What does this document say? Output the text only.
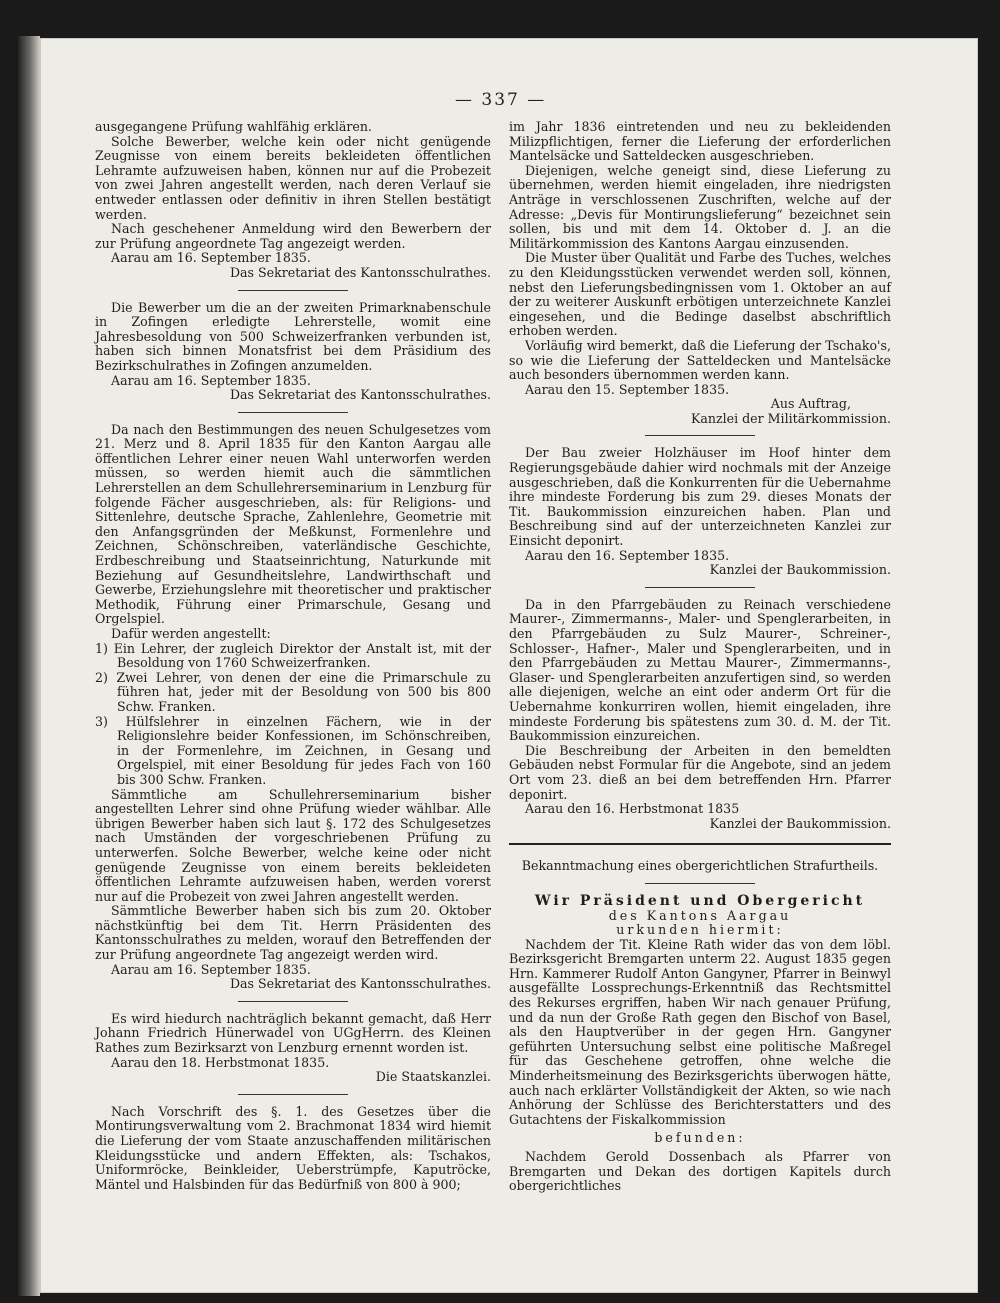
— 337 —

ausgegangene Prüfung wahlfähig erklären.

Solche Bewerber, welche kein oder nicht genügende Zeugnisse von einem bereits bekleideten öffentlichen Lehramte aufzuweisen haben, können nur auf die Probezeit von zwei Jahren angestellt werden, nach deren Verlauf sie entweder entlassen oder definitiv in ihren Stellen bestätigt werden.

Nach geschehener Anmeldung wird den Bewerbern der zur Prüfung angeordnete Tag angezeigt werden.

Aarau am 16. September 1835.

Das Sekretariat des Kantonsschulrathes.

Die Bewerber um die an der zweiten Primarknabenschule in Zofingen erledigte Lehrerstelle, womit eine Jahresbesoldung von 500 Schweizerfranken verbunden ist, haben sich binnen Monatsfrist bei dem Präsidium des Bezirkschulrathes in Zofingen anzumelden.

Aarau am 16. September 1835.

Das Sekretariat des Kantonsschulrathes.

Da nach den Bestimmungen des neuen Schulgesetzes vom 21. Merz und 8. April 1835 für den Kanton Aargau alle öffentlichen Lehrer einer neuen Wahl unterworfen werden müssen, so werden hiemit auch die sämmtlichen Lehrerstellen an dem Schullehrerseminarium in Lenzburg für folgende Fächer ausgeschrieben, als: für Religions- und Sittenlehre, deutsche Sprache, Zahlenlehre, Geometrie mit den Anfangsgründen der Meßkunst, Formenlehre und Zeichnen, Schönschreiben, vaterländische Geschichte, Erdbeschreibung und Staatseinrichtung, Naturkunde mit Beziehung auf Gesundheitslehre, Landwirthschaft und Gewerbe, Erziehungslehre mit theoretischer und praktischer Methodik, Führung einer Primarschule, Gesang und Orgelspiel.

Dafür werden angestellt:

1) Ein Lehrer, der zugleich Direktor der Anstalt ist, mit der Besoldung von 1760 Schweizerfranken.

2) Zwei Lehrer, von denen der eine die Primarschule zu führen hat, jeder mit der Besoldung von 500 bis 800 Schw. Franken.

3) Hülfslehrer in einzelnen Fächern, wie in der Religionslehre beider Konfessionen, im Schönschreiben, in der Formenlehre, im Zeichnen, in Gesang und Orgelspiel, mit einer Besoldung für jedes Fach von 160 bis 300 Schw. Franken.

Sämmtliche am Schullehrerseminarium bisher angestellten Lehrer sind ohne Prüfung wieder wählbar. Alle übrigen Bewerber haben sich laut §. 172 des Schulgesetzes nach Umständen der vorgeschriebenen Prüfung zu unterwerfen. Solche Bewerber, welche keine oder nicht genügende Zeugnisse von einem bereits bekleideten öffentlichen Lehramte aufzuweisen haben, werden vorerst nur auf die Probezeit von zwei Jahren angestellt werden.

Sämmtliche Bewerber haben sich bis zum 20. Oktober nächstkünftig bei dem Tit. Herrn Präsidenten des Kantonsschulrathes zu melden, worauf den Betreffenden der zur Prüfung angeordnete Tag angezeigt werden wird.

Aarau am 16. September 1835.

Das Sekretariat des Kantonsschulrathes.

Es wird hiedurch nachträglich bekannt gemacht, daß Herr Johann Friedrich Hünerwadel von UGgHerrn. des Kleinen Rathes zum Bezirksarzt von Lenzburg ernennt worden ist.

Aarau den 18. Herbstmonat 1835.

Die Staatskanzlei.

Nach Vorschrift des §. 1. des Gesetzes über die Montirungsverwaltung vom 2. Brachmonat 1834 wird hiemit die Lieferung der vom Staate anzuschaffenden militärischen Kleidungsstücke und andern Effekten, als: Tschakos, Uniformröcke, Beinkleider, Ueberstrümpfe, Kaputröcke, Mäntel und Halsbinden für das Bedürfniß von 800 à 900;

im Jahr 1836 eintretenden und neu zu bekleidenden Milizpflichtigen, ferner die Lieferung der erforderlichen Mantelsäcke und Satteldecken ausgeschrieben.

Diejenigen, welche geneigt sind, diese Lieferung zu übernehmen, werden hiemit eingeladen, ihre niedrigsten Anträge in verschlossenen Zuschriften, welche auf der Adresse: „Devis für Montirungslieferung“ bezeichnet sein sollen, bis und mit dem 14. Oktober d. J. an die Militärkommission des Kantons Aargau einzusenden.

Die Muster über Qualität und Farbe des Tuches, welches zu den Kleidungsstücken verwendet werden soll, können, nebst den Lieferungsbedingnissen vom 1. Oktober an auf der zu weiterer Auskunft erbötigen unterzeichnete Kanzlei eingesehen, und die Bedinge daselbst abschriftlich erhoben werden.

Vorläufig wird bemerkt, daß die Lieferung der Tschako's, so wie die Lieferung der Satteldecken und Mantelsäcke auch besonders übernommen werden kann.

Aarau den 15. September 1835.

Aus Auftrag,

Kanzlei der Militärkommission.

Der Bau zweier Holzhäuser im Hoof hinter dem Regierungsgebäude dahier wird nochmals mit der Anzeige ausgeschrieben, daß die Konkurrenten für die Uebernahme ihre mindeste Forderung bis zum 29. dieses Monats der Tit. Baukommission einzureichen haben. Plan und Beschreibung sind auf der unterzeichneten Kanzlei zur Einsicht deponirt.

Aarau den 16. September 1835.

Kanzlei der Baukommission.

Da in den Pfarrgebäuden zu Reinach verschiedene Maurer-, Zimmermanns-, Maler- und Spenglerarbeiten, in den Pfarrgebäuden zu Sulz Maurer-, Schreiner-, Schlosser-, Hafner-, Maler und Spenglerarbeiten, und in den Pfarrgebäuden zu Mettau Maurer-, Zimmermanns-, Glaser- und Spenglerarbeiten anzufertigen sind, so werden alle diejenigen, welche an eint oder anderm Ort für die Uebernahme konkurriren wollen, hiemit eingeladen, ihre mindeste Forderung bis spätestens zum 30. d. M. der Tit. Baukommission einzureichen.

Die Beschreibung der Arbeiten in den bemeldten Gebäuden nebst Formular für die Angebote, sind an jedem Ort vom 23. dieß an bei dem betreffenden Hrn. Pfarrer deponirt.

Aarau den 16. Herbstmonat 1835

Kanzlei der Baukommission.

Bekanntmachung eines obergerichtlichen Strafurtheils.

Wir Präsident und Obergericht

des Kantons Aargau

urkunden hiermit:

Nachdem der Tit. Kleine Rath wider das von dem löbl. Bezirksgericht Bremgarten unterm 22. August 1835 gegen Hrn. Kammerer Rudolf Anton Gangyner, Pfarrer in Beinwyl ausgefällte Lossprechungs-Erkenntniß das Rechtsmittel des Rekurses ergriffen, haben Wir nach genauer Prüfung, und da nun der Große Rath gegen den Bischof von Basel, als den Hauptverüber in der gegen Hrn. Gangyner geführten Untersuchung selbst eine politische Maßregel für das Geschehene getroffen, ohne welche die Minderheitsmeinung des Bezirksgerichts überwogen hätte, auch nach erklärter Vollständigkeit der Akten, so wie nach Anhörung der Schlüsse des Berichterstatters und des Gutachtens der Fiskalkommission

befunden:

Nachdem Gerold Dossenbach als Pfarrer von Bremgarten und Dekan des dortigen Kapitels durch obergerichtliches
